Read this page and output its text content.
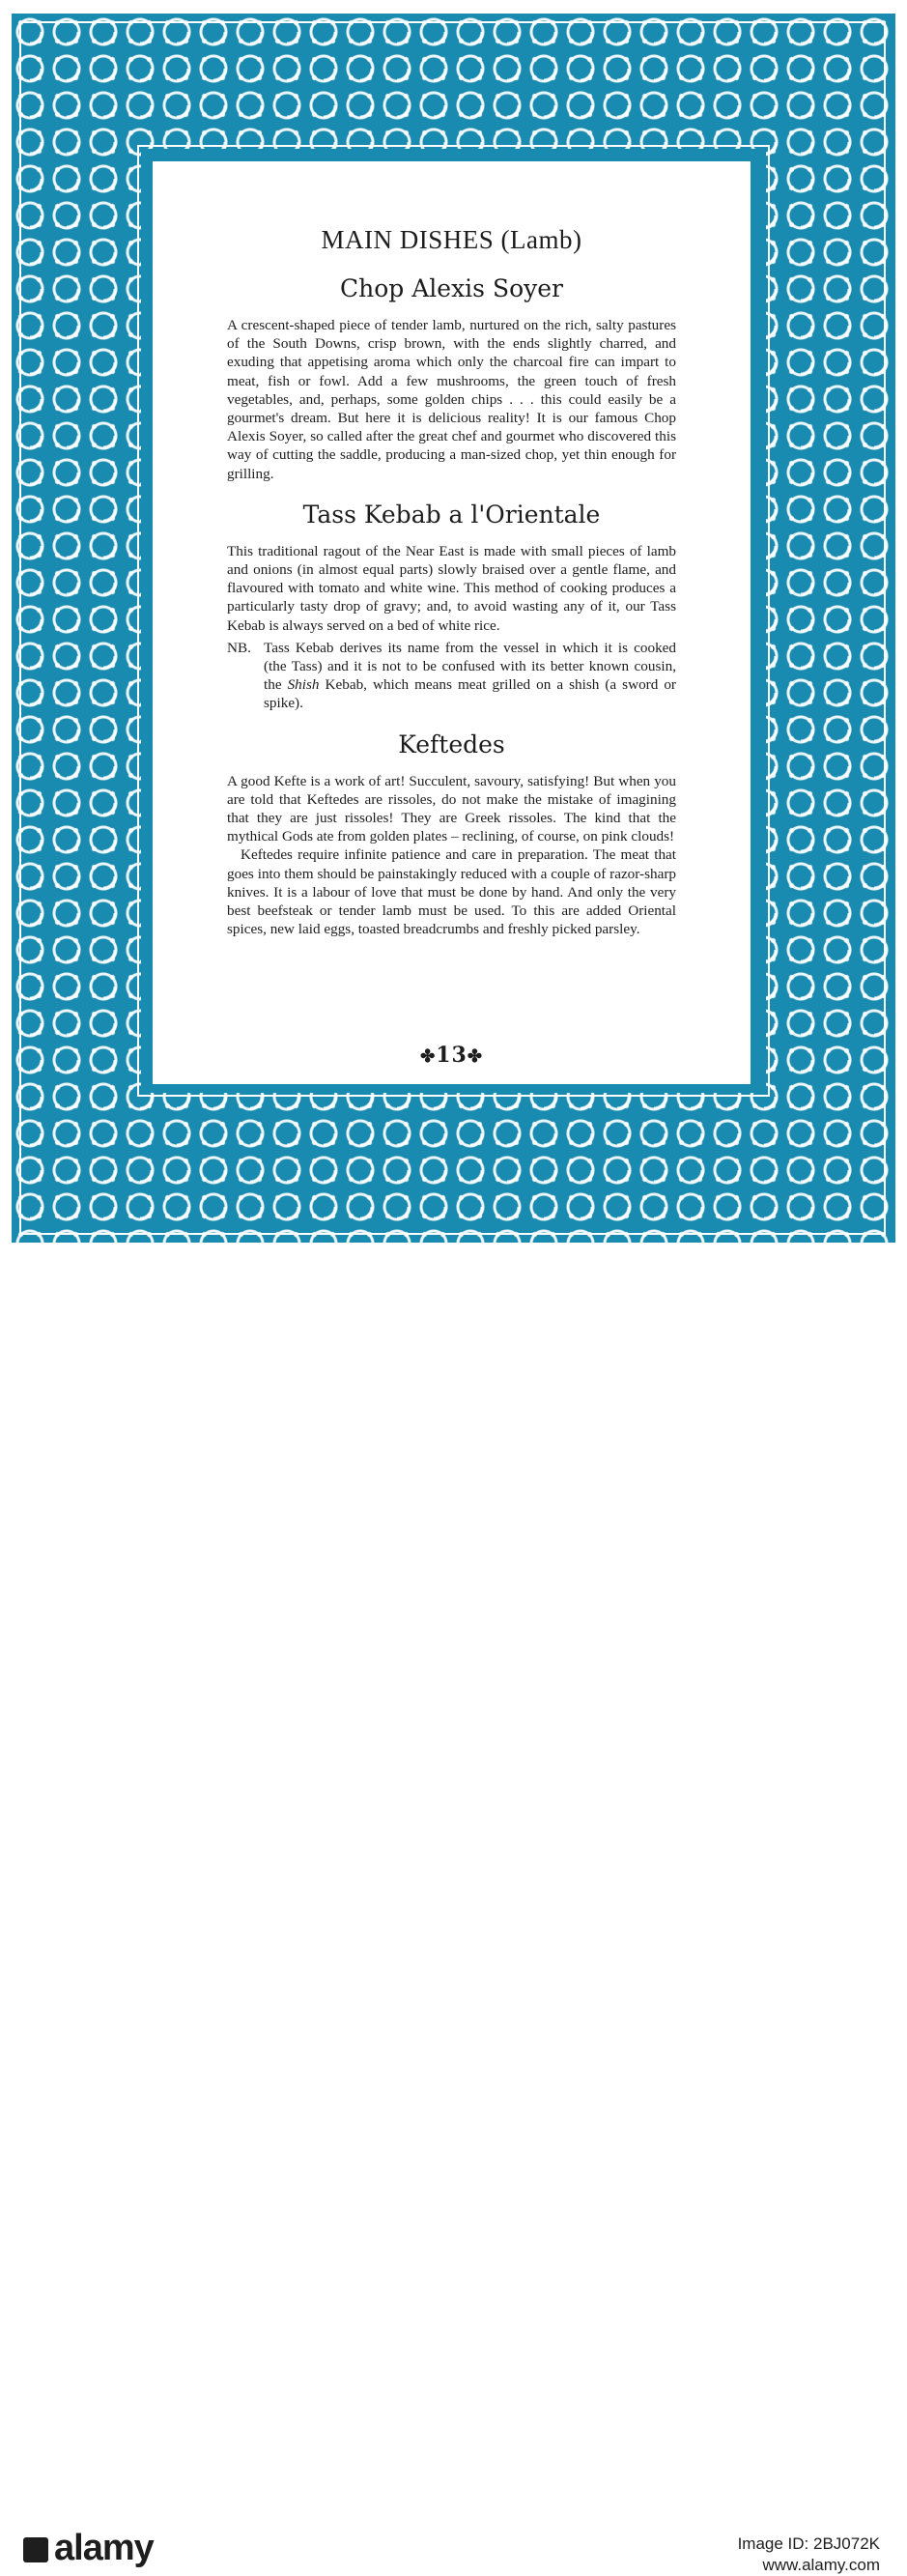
MAIN DISHES (Lamb)
Chop Alexis Soyer

A crescent-shaped piece of tender lamb, nurtured on the rich, salty pastures of the South Downs, crisp brown, with the ends slightly charred, and exuding that appetising aroma which only the charcoal fire can impart to meat, fish or fowl. Add a few mushrooms, the green touch of fresh vegetables, and, perhaps, some golden chips . . . this could easily be a gourmet's dream. But here it is delicious reality! It is our famous Chop Alexis Soyer, so called after the great chef and gourmet who discovered this way of cutting the saddle, producing a man-sized chop, yet thin enough for grilling.

Tass Kebab a l'Orientale

This traditional ragout of the Near East is made with small pieces of lamb and onions (in almost equal parts) slowly braised over a gentle flame, and flavoured with tomato and white wine. This method of cooking produces a particularly tasty drop of gravy; and, to avoid wasting any of it, our Tass Kebab is always served on a bed of white rice.

NB. Tass Kebab derives its name from the vessel in which it is cooked (the Tass) and it is not to be confused with its better known cousin, the Shish Kebab, which means meat grilled on a shish (a sword or spike).
Keftedes

A good Kefte is a work of art! Succulent, savoury, satisfying! But when you are told that Keftedes are rissoles, do not make the mistake of imagining that they are just rissoles! They are Greek rissoles. The kind that the mythical Gods ate from golden plates – reclining, of course, on pink clouds!

Keftedes require infinite patience and care in preparation. The meat that goes into them should be painstakingly reduced with a couple of razor-sharp knives. It is a labour of love that must be done by hand. And only the very best beefsteak or tender lamb must be used. To this are added Oriental spices, new laid eggs, toasted breadcrumbs and freshly picked parsley.

✤13✤
alamy	Image ID: 2BJ072K
www.alamy.com
